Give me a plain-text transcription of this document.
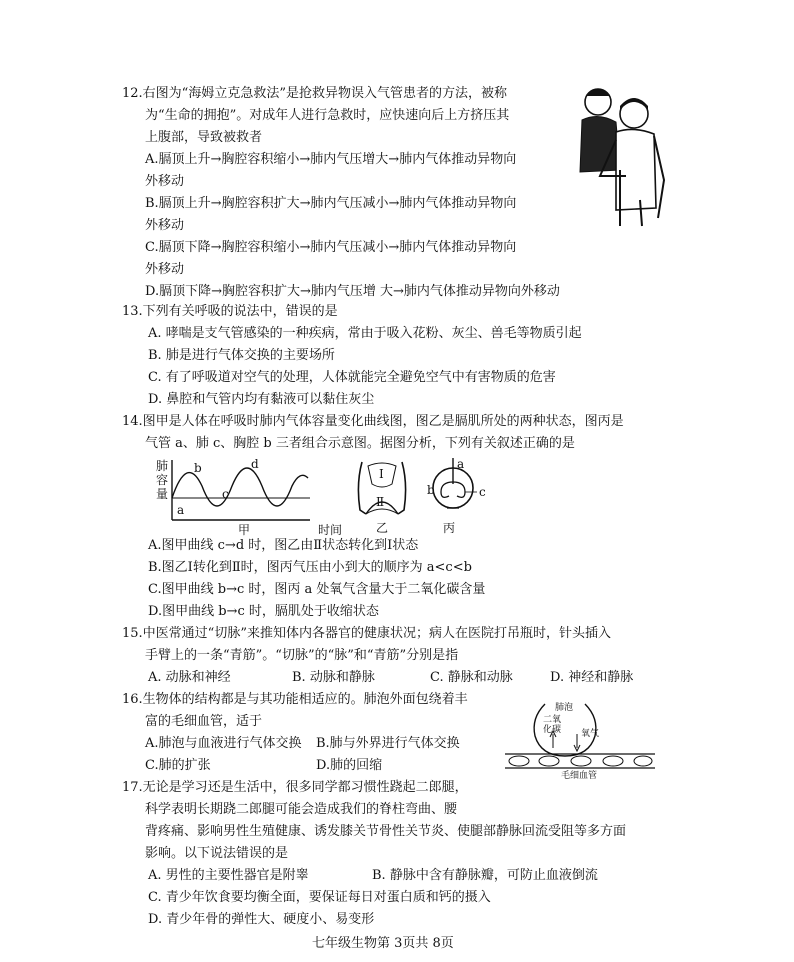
12.右图为“海姆立克急救法”是抢救异物误入气管患者的方法，被称
为“生命的拥抱”。对成年人进行急救时，应快速向后上方挤压其
上腹部，导致被救者
A.膈顶上升→胸腔容积缩小→肺内气压增大→肺内气体推动异物向
外移动
B.膈顶上升→胸腔容积扩大→肺内气压减小→肺内气体推动异物向
外移动
C.膈顶下降→胸腔容积缩小→肺内气压减小→肺内气体推动异物向
外移动
D.膈顶下降→胸腔容积扩大→肺内气压增 大→肺内气体推动异物向外移动
13.下列有关呼吸的说法中，错误的是
A. 哮喘是支气管感染的一种疾病，常由于吸入花粉、灰尘、兽毛等物质引起
B. 肺是进行气体交换的主要场所
C. 有了呼吸道对空气的处理，人体就能完全避免空气中有害物质的危害
D. 鼻腔和气管内均有黏液可以黏住灰尘
14.图甲是人体在呼吸时肺内气体容量变化曲线图，图乙是膈肌所处的两种状态，图丙是
气管 a、肺 c、胸腔 b 三者组合示意图。据图分析，下列有关叙述正确的是
肺
容
量
a
b
c
d
甲	时间
I
Ⅱ
乙
a
b	c
丙
A.图甲曲线 c→d 时，图乙由Ⅱ状态转化到Ⅰ状态
B.图乙Ⅰ转化到Ⅱ时，图丙气压由小到大的顺序为 a<c<b
C.图甲曲线 b→c 时，图丙 a 处氧气含量大于二氧化碳含量
D.图甲曲线 b→c 时，膈肌处于收缩状态
15.中医常通过“切脉”来推知体内各器官的健康状况；病人在医院打吊瓶时，针头插入
手臂上的一条“青筋”。“切脉”的“脉”和“青筋”分别是指
A. 动脉和神经	B. 动脉和静脉	C. 静脉和动脉	D. 神经和静脉
16.生物体的结构都是与其功能相适应的。肺泡外面包绕着丰
富的毛细血管，适于
A.肺泡与血液进行气体交换 B.肺与外界进行气体交换
C.肺的扩张	D.肺的回缩
肺泡
二氧
化碳 氧气
毛细血管
17.无论是学习还是生活中，很多同学都习惯性跷起二郎腿，
科学表明长期跷二郎腿可能会造成我们的脊柱弯曲、腰
背疼痛、影响男性生殖健康、诱发膝关节骨性关节炎、使腿部静脉回流受阻等多方面
影响。以下说法错误的是
A. 男性的主要性器官是附睾	B. 静脉中含有静脉瓣，可防止血液倒流
C. 青少年饮食要均衡全面，要保证每日对蛋白质和钙的摄入
D. 青少年骨的弹性大、硬度小、易变形
七年级生物第 3页共 8页
